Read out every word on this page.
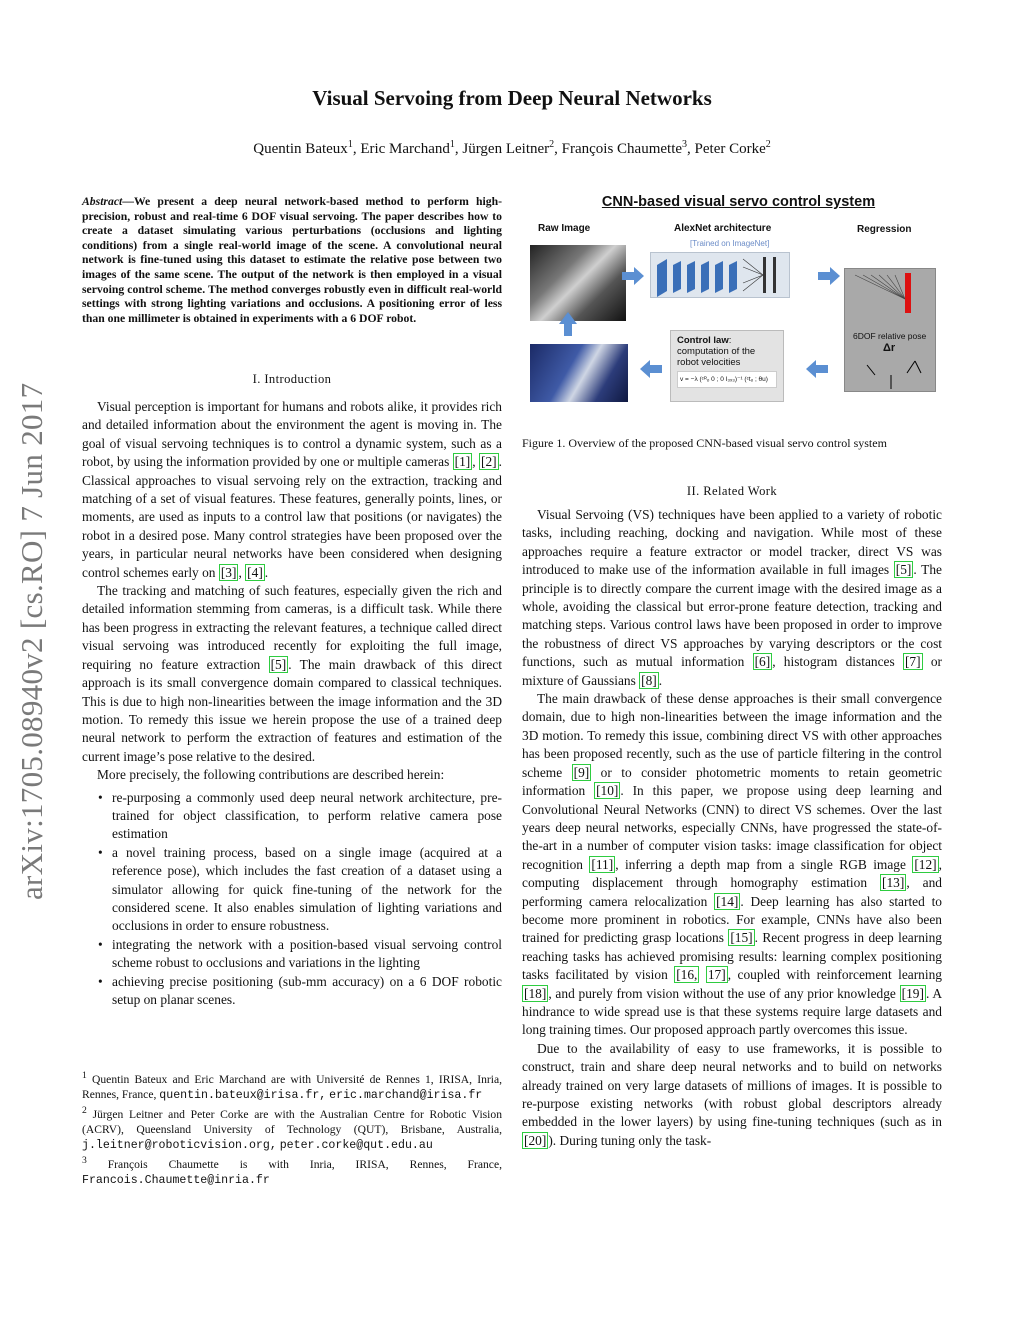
Visual Servoing from Deep Neural Networks
Quentin Bateux$^1$, Eric Marchand$^1$, Jürgen Leitner$^2$, François Chaumette$^3$, Peter Corke$^2$
arXiv:1705.08940v2 [cs.RO] 7 Jun 2017
Abstract—We present a deep neural network-based method to perform high-precision, robust and real-time 6 DOF visual servoing. The paper describes how to create a dataset simulating various perturbations (occlusions and lighting conditions) from a single real-world image of the scene. A convolutional neural network is fine-tuned using this dataset to estimate the relative pose between two images of the same scene. The output of the network is then employed in a visual servoing control scheme. The method converges robustly even in difficult real-world settings with strong lighting variations and occlusions. A positioning error of less than one millimeter is obtained in experiments with a 6 DOF robot.
I. Introduction

Visual perception is important for humans and robots alike, it provides rich and detailed information about the environment the agent is moving in. The goal of visual servoing techniques is to control a dynamic system, such as a robot, by using the information provided by one or multiple cameras [1] , [2] . Classical approaches to visual servoing rely on the extraction, tracking and matching of a set of visual features. These features, generally points, lines, or moments, are used as inputs to a control law that positions (or navigates) the robot in a desired pose. Many control strategies have been proposed over the years, in particular neural networks have been considered when designing control schemes early on [3] , [4] .

The tracking and matching of such features, especially given the rich and detailed information stemming from cameras, is a difficult task. While there has been progress in extracting the relevant features, a technique called direct visual servoing was introduced recently for exploiting the full image, requiring no feature extraction [5] . The main drawback of this direct approach is its small convergence domain compared to classical techniques. This is due to high non-linearities between the image information and the 3D motion. To remedy this issue we herein propose the use of a trained deep neural network to perform the extraction of features and estimation of the current image’s pose relative to the desired.

More precisely, the following contributions are described herein:

• re-purposing a commonly used deep neural network architecture, pre-trained for object classification, to perform relative camera pose estimation
• a novel training process, based on a single image (acquired at a reference pose), which includes the fast creation of a dataset using a simulator allowing for quick fine-tuning of the network for the considered scene. It also enables simulation of lighting variations and occlusions in order to ensure robustness.
• integrating the network with a position-based visual servoing control scheme robust to occlusions and variations in the lighting
• achieving precise positioning (sub-mm accuracy) on a 6 DOF robotic setup on planar scenes.
$^1$ Quentin Bateux and Eric Marchand are with Université de Rennes 1, IRISA, Inria, Rennes, France, quentin.bateux@irisa.fr, eric.marchand@irisa.fr
$^2$ Jürgen Leitner and Peter Corke are with the Australian Centre for Robotic Vision (ACRV), Queensland University of Technology (QUT), Brisbane, Australia, j.leitner@roboticvision.org, peter.corke@qut.edu.au
$^3$ François Chaumette is with Inria, IRISA, Rennes, France, Francois.Chaumette@inria.fr
CNN-based visual servo control system
Raw Image	AlexNet architecture
[Trained on ImageNet]
Regression
6DOF relative pose
Δr
Control law: computation of the robot velocities
v = −λ (ᶜᴿₒ 0 ; 0 I₃ₓ₃)⁻¹ (ᶜtₒ ; θu)
Figure 1. Overview of the proposed CNN-based visual servo control system
II. Related Work

Visual Servoing (VS) techniques have been applied to a variety of robotic tasks, including reaching, docking and navigation. While most of these approaches require a feature extractor or model tracker, direct VS was introduced to make use of the information available in full images [5] . The principle is to directly compare the current image with the desired image as a whole, avoiding the classical but error-prone feature detection, tracking and matching steps. Various control laws have been proposed in order to improve the robustness of direct VS approaches by varying descriptors or the cost functions, such as mutual information [6] , histogram distances [7] or mixture of Gaussians [8] .

The main drawback of these dense approaches is their small convergence domain, due to high non-linearities between the image information and the 3D motion. To remedy this issue, combining direct VS with other approaches has been proposed recently, such as the use of particle filtering in the control scheme [9] or to consider photometric moments to retain geometric information [10] . In this paper, we propose using deep learning and Convolutional Neural Networks (CNN) to direct VS schemes. Over the last years deep neural networks, especially CNNs, have progressed the state-of-the-art in a number of computer vision tasks: image classification for object recognition [11] , inferring a depth map from a single RGB image [12] , computing displacement through homography estimation [13] , and performing camera relocalization [14] . Deep learning has also started to become more prominent in robotics. For example, CNNs have also been trained for predicting grasp locations [15] . Recent progress in deep learning reaching tasks has achieved promising results: learning complex positioning tasks facilitated by vision [16, 17] , coupled with reinforcement learning [18] , and purely from vision without the use of any prior knowledge [19] . A hindrance to wide spread use is that these systems require large datasets and long training times. Our proposed approach partly overcomes this issue.

Due to the availability of easy to use frameworks, it is possible to construct, train and share deep neural networks and to build on networks already trained on very large datasets of millions of images. It is possible to re-purpose existing networks (with robust global descriptors already embedded in the lower layers) by using fine-tuning techniques (such as in [20] ). During tuning only the task-
